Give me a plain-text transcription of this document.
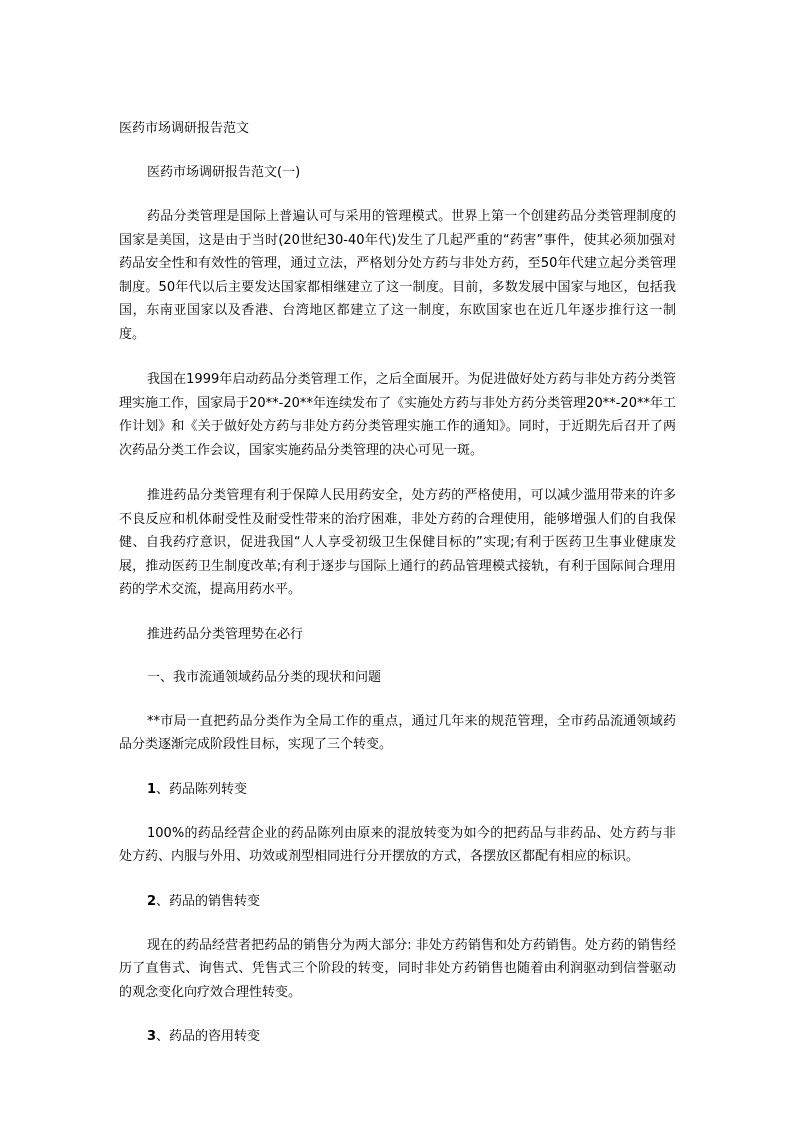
医药市场调研报告范文

医药市场调研报告范文(一)

药品分类管理是国际上普遍认可与采用的管理模式。世界上第一个创建药品分类管理制度的国家是美国，这是由于当时(20世纪30-40年代)发生了几起严重的“药害”事件，使其必须加强对药品安全性和有效性的管理，通过立法，严格划分处方药与非处方药，至50年代建立起分类管理制度。50年代以后主要发达国家都相继建立了这一制度。目前，多数发展中国家与地区，包括我国，东南亚国家以及香港、台湾地区都建立了这一制度，东欧国家也在近几年逐步推行这一制度。

我国在1999年启动药品分类管理工作，之后全面展开。为促进做好处方药与非处方药分类管理实施工作，国家局于20**-20**年连续发布了《实施处方药与非处方药分类管理20**-20**年工作计划》和《关于做好处方药与非处方药分类管理实施工作的通知》。同时，于近期先后召开了两次药品分类工作会议，国家实施药品分类管理的决心可见一斑。

推进药品分类管理有利于保障人民用药安全，处方药的严格使用，可以减少滥用带来的许多不良反应和机体耐受性及耐受性带来的治疗困难，非处方药的合理使用，能够增强人们的自我保健、自我药疗意识，促进我国“人人享受初级卫生保健目标的”实现;有利于医药卫生事业健康发展，推动医药卫生制度改革;有利于逐步与国际上通行的药品管理模式接轨，有利于国际间合理用药的学术交流，提高用药水平。

推进药品分类管理势在必行

一、我市流通领域药品分类的现状和问题

**市局一直把药品分类作为全局工作的重点，通过几年来的规范管理，全市药品流通领域药品分类逐渐完成阶段性目标，实现了三个转变。

1、药品陈列转变

100%的药品经营企业的药品陈列由原来的混放转变为如今的把药品与非药品、处方药与非处方药、内服与外用、功效或剂型相同进行分开摆放的方式，各摆放区都配有相应的标识。

2、药品的销售转变

现在的药品经营者把药品的销售分为两大部分: 非处方药销售和处方药销售。处方药的销售经历了直售式、询售式、凭售式三个阶段的转变，同时非处方药销售也随着由利润驱动到信誉驱动的观念变化向疗效合理性转变。

3、药品的咨用转变
